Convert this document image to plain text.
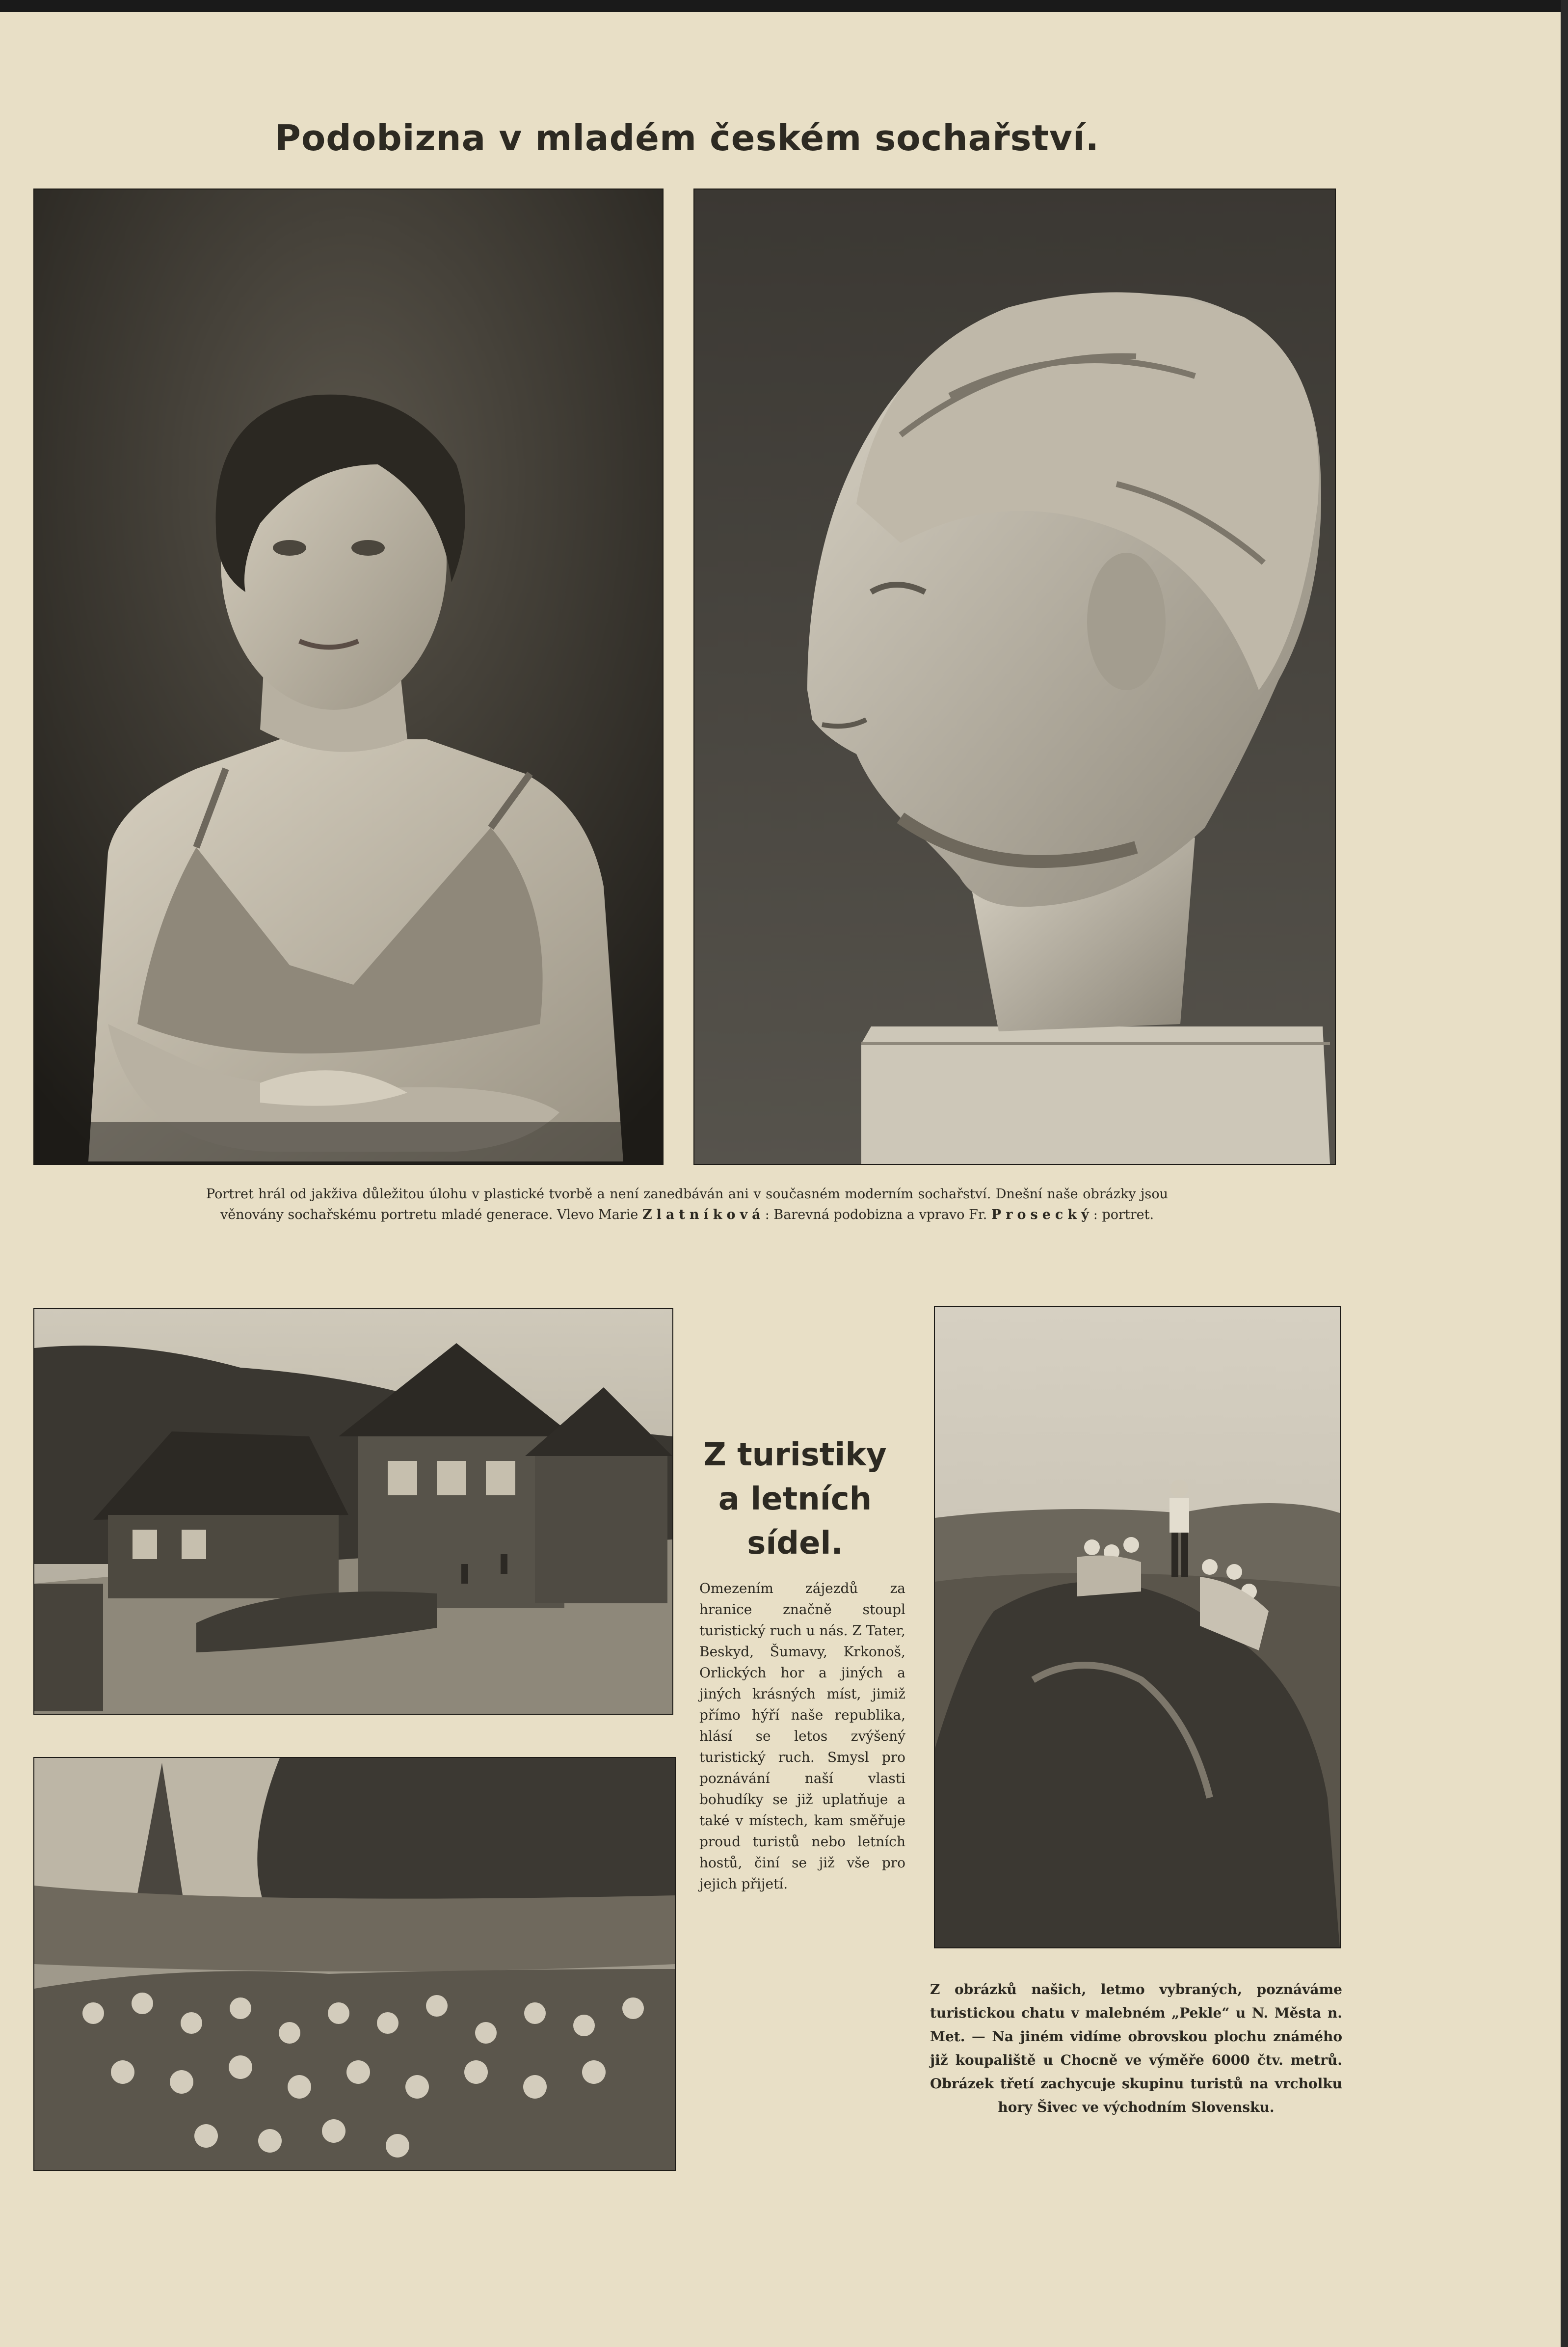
Podobizna v mladém českém sochařství.
Portret hrál od jakživa důležitou úlohu v plastické tvorbě a není zanedbáván ani v současném moderním sochařství. Dnešní naše obrázky jsou věnovány sochařskému portretu mladé generace. Vlevo Marie Zlatníková: Barevná podobizna a vpravo Fr. Prosecký: portret.
Z turistiky
a letních
sídel.
Omezením zájezdů za hranice značně stoupl turistický ruch u nás. Z Tater, Beskyd, Šumavy, Krkonoš, Orlických hor a jiných a jiných krásných míst, jimiž přímo hýří naše republika, hlásí se letos zvýšený turistický ruch. Smysl pro poznávání naší vlasti bohudíky se již uplatňuje a také v místech, kam směřuje proud turistů nebo letních hostů, činí se již vše pro jejich přijetí.
Z obrázků našich, letmo vybraných, poznáváme turistickou chatu v malebném „Pekle“ u N. Města n. Met. — Na jiném vidíme obrovskou plochu známého již koupaliště u Chocně ve výměře 6000 čtv. metrů. Obrázek třetí zachycuje skupinu turistů na vrcholku hory Šivec ve východním Slovensku.
